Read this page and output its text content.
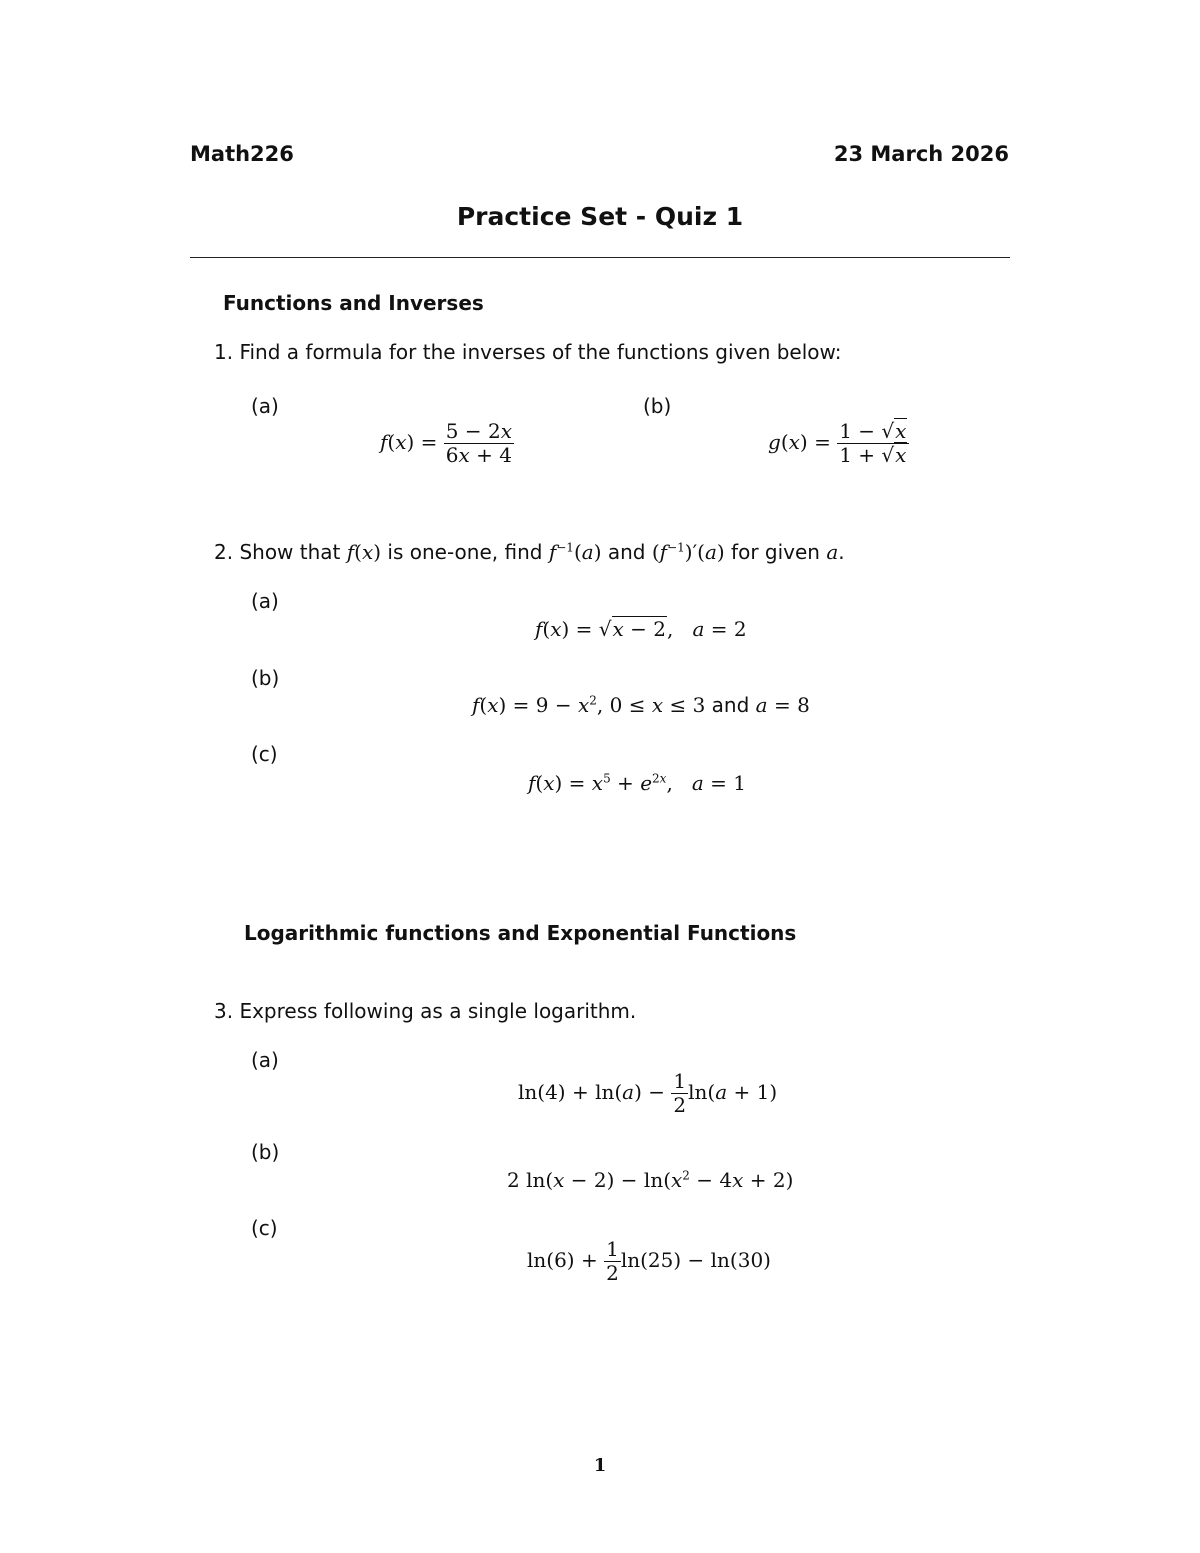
Math226	23 March 2026
Practice Set - Quiz 1
Functions and Inverses
1. Find a formula for the inverses of the functions given below:
(a)	(b)
$f(x) = \frac{5 - 2x}{6x + 4}$	$g(x) = \frac{1 - √x}{1 + √x}$
2. Show that f(x) is one-one, find $f^{-1}(a)$ and $(f^{-1})'(a)$ for given a.
(a)
f(x) = √x − 2,   a = 2
(b)
$f(x) = 9 - x^2$, 0 ≤ x ≤ 3 and a = 8
(c)
$f(x) = x^5 + e^{2x}$,   a = 1
Logarithmic functions and Exponential Functions
3. Express following as a single logarithm.
(a)
$\ln(4) + \ln(a) - \frac{1}{2} \ln(a + 1)$
(b)
2 $\ln(x - 2) - \ln(x^2 - 4x + 2)$
(c)
$\ln(6) + \frac{1}{2} \ln(25) - \ln(30)$
1
